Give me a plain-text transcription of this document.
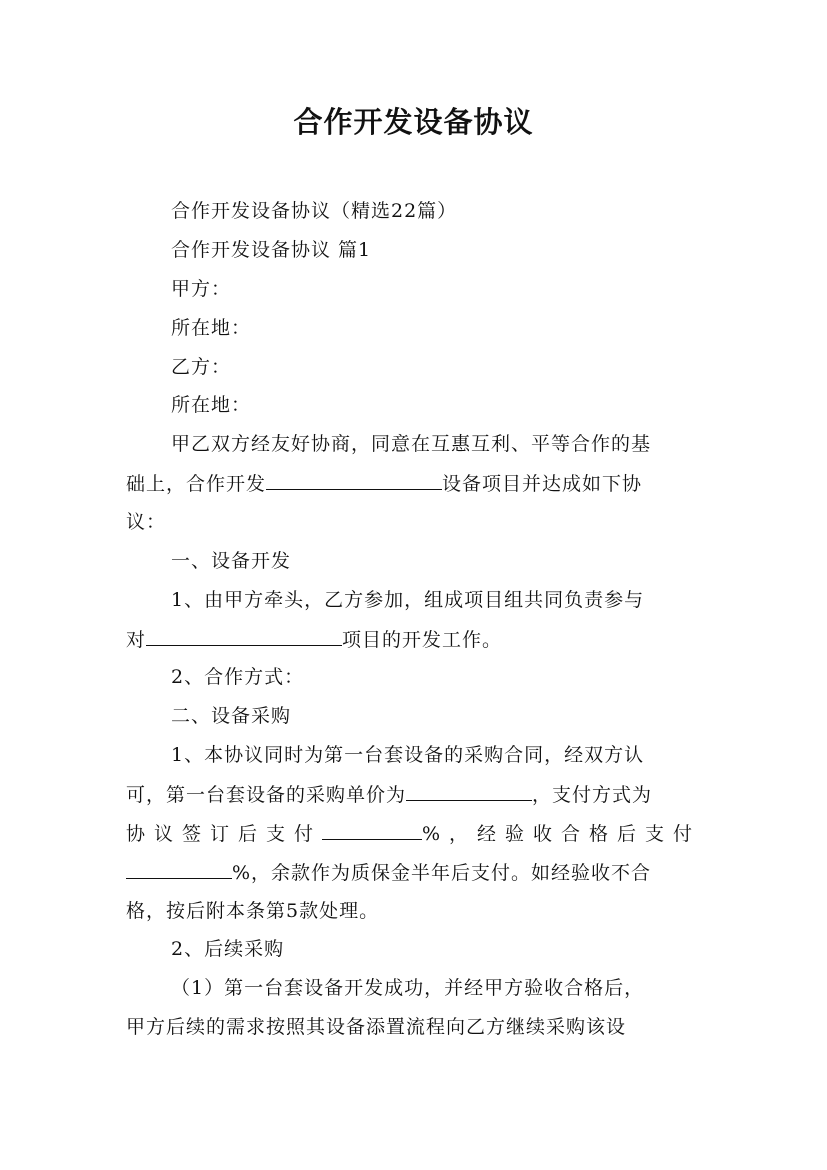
合作开发设备协议
合作开发设备协议（精选22篇）
合作开发设备协议 篇1
甲方：
所在地：
乙方：
所在地：
甲乙双方经友好协商，同意在互惠互利、平等合作的基
础上，合作开发	设备项目并达成如下协
议：
一、设备开发
1、由甲方牵头，乙方参加，组成项目组共同负责参与
对	项目的开发工作。
2、合作方式：
二、设备采购
1、本协议同时为第一台套设备的采购合同，经双方认
可，第一台套设备的采购单价为	，支付方式为
协议签订后支付	%，经验收合格后支付
%，余款作为质保金半年后支付。如经验收不合
格，按后附本条第5款处理。
2、后续采购
（1）第一台套设备开发成功，并经甲方验收合格后，
甲方后续的需求按照其设备添置流程向乙方继续采购该设
